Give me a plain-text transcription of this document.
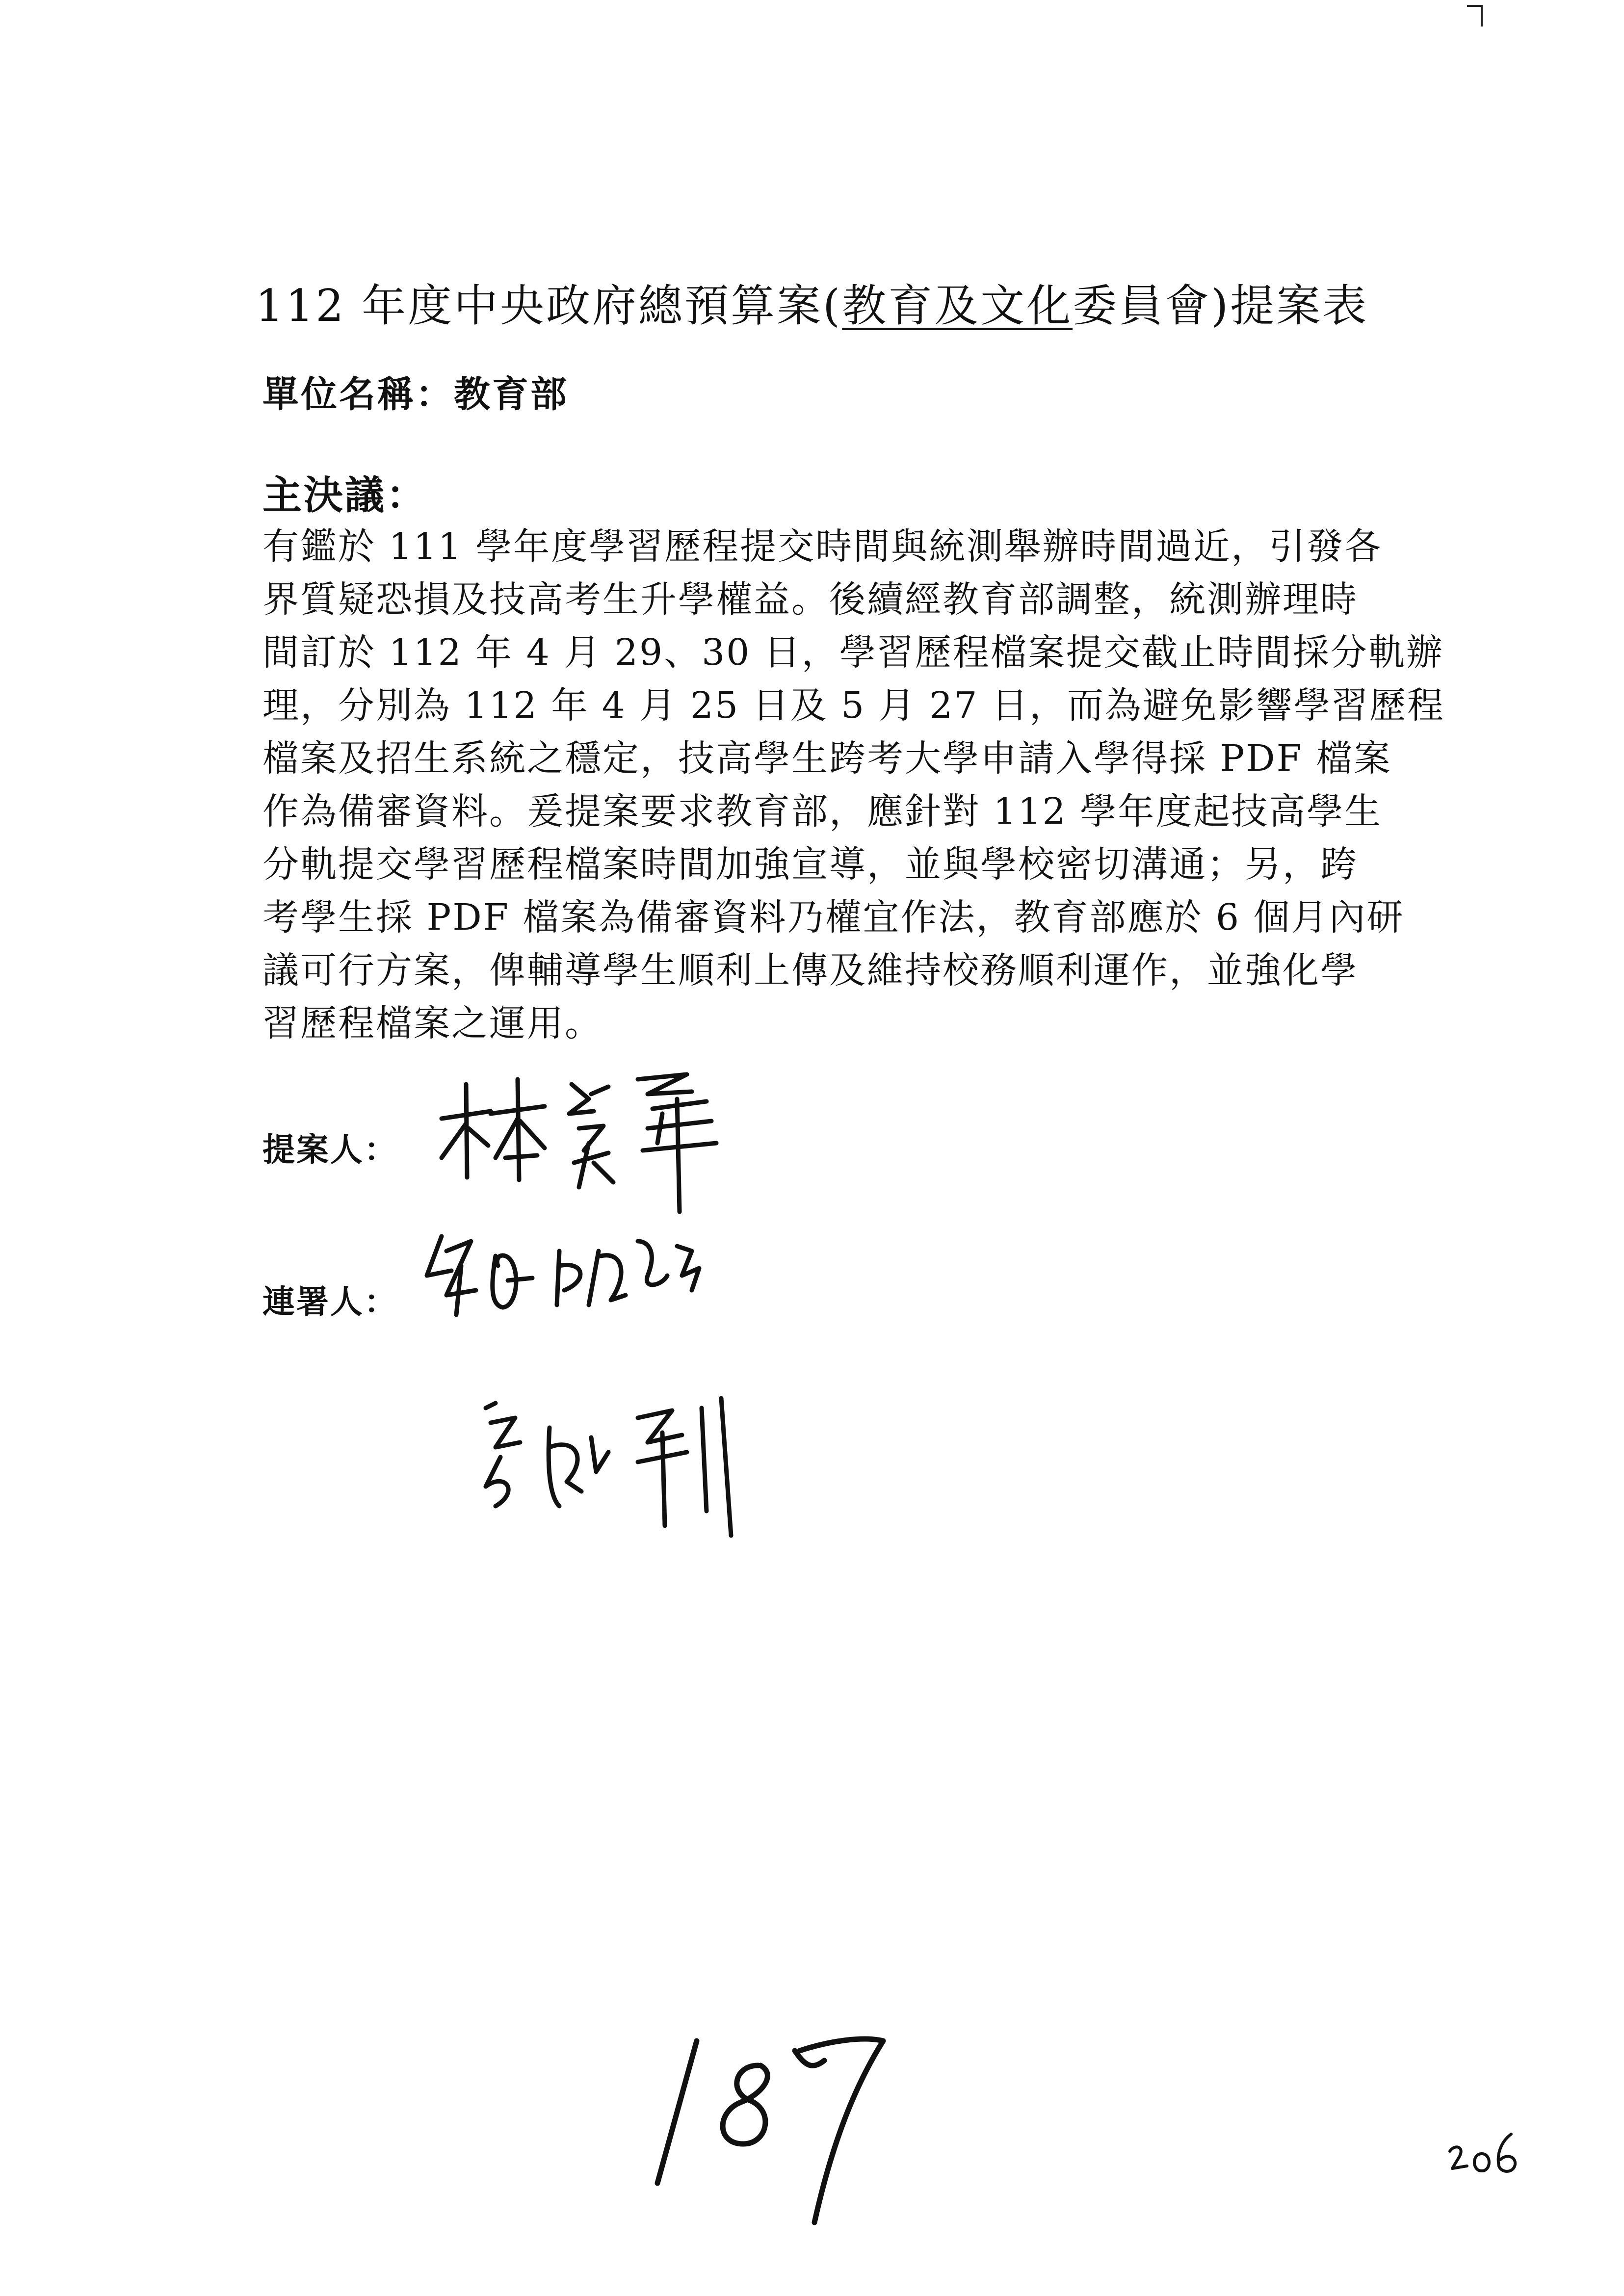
112 年度中央政府總預算案(教育及文化委員會)提案表
單位名稱：教育部
主決議：
有鑑於 111 學年度學習歷程提交時間與統測舉辦時間過近，引發各
界質疑恐損及技高考生升學權益。後續經教育部調整，統測辦理時
間訂於 112 年 4 月 29、30 日，學習歷程檔案提交截止時間採分軌辦
理，分別為 112 年 4 月 25 日及 5 月 27 日，而為避免影響學習歷程
檔案及招生系統之穩定，技高學生跨考大學申請入學得採 PDF 檔案
作為備審資料。爰提案要求教育部，應針對 112 學年度起技高學生
分軌提交學習歷程檔案時間加強宣導，並與學校密切溝通；另，跨
考學生採 PDF 檔案為備審資料乃權宜作法，教育部應於 6 個月內研
議可行方案，俾輔導學生順利上傳及維持校務順利運作，並強化學
習歷程檔案之運用。
提案人：
連署人：
